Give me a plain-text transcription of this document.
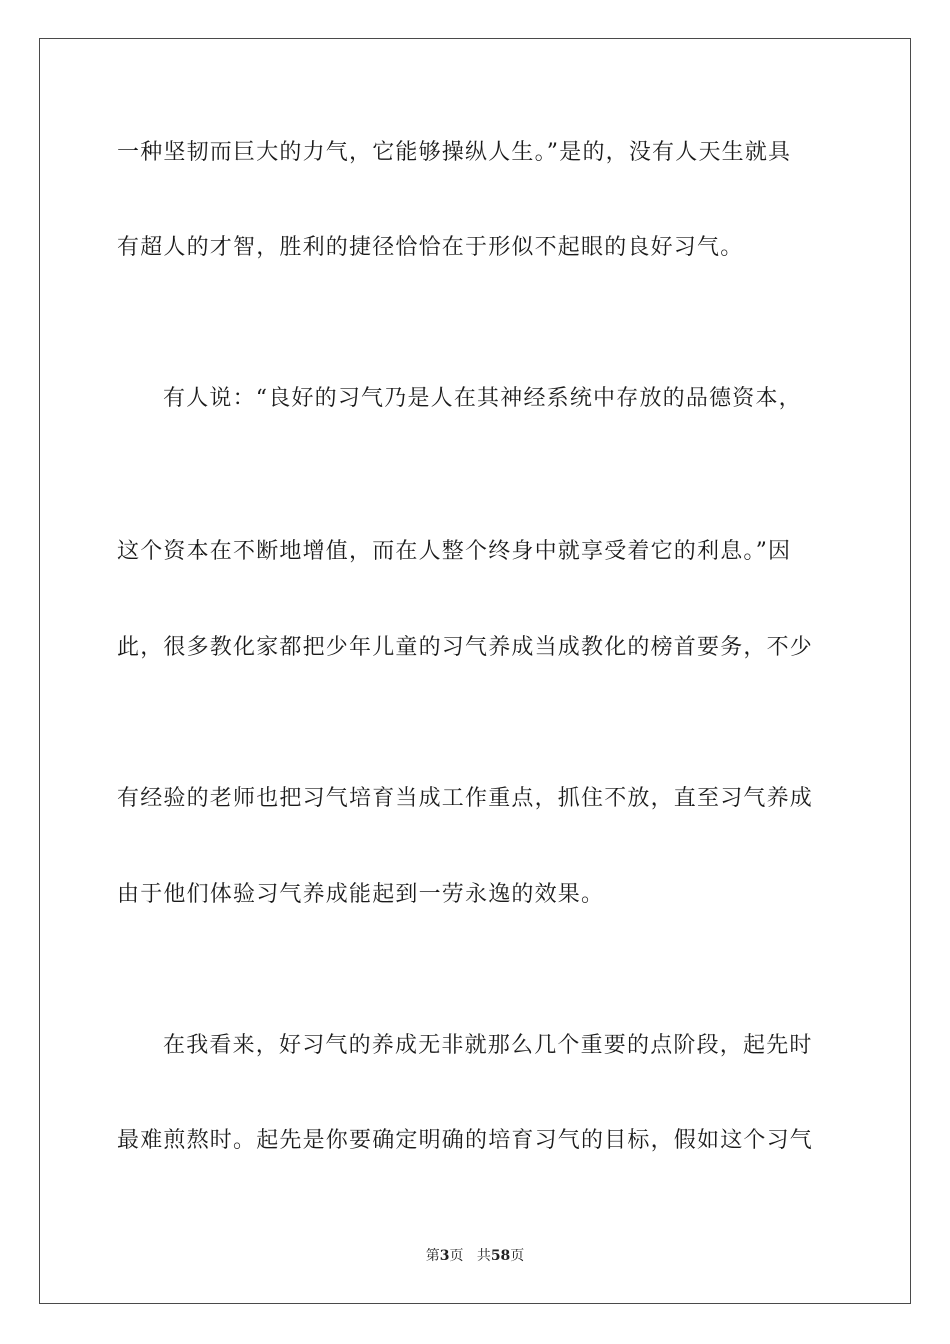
一种坚韧而巨大的力气，它能够操纵人生。”是的，没有人天生就具
有超人的才智，胜利的捷径恰恰在于形似不起眼的良好习气。
有人说：“良好的习气乃是人在其神经系统中存放的品德资本，
这个资本在不断地增值，而在人整个终身中就享受着它的利息。”因
此，很多教化家都把少年儿童的习气养成当成教化的榜首要务，不少
有经验的老师也把习气培育当成工作重点，抓住不放，直至习气养成
由于他们体验习气养成能起到一劳永逸的效果。
在我看来，好习气的养成无非就那么几个重要的点阶段，起先时
最难煎熬时。起先是你要确定明确的培育习气的目标，假如这个习气
第3页 共58页
